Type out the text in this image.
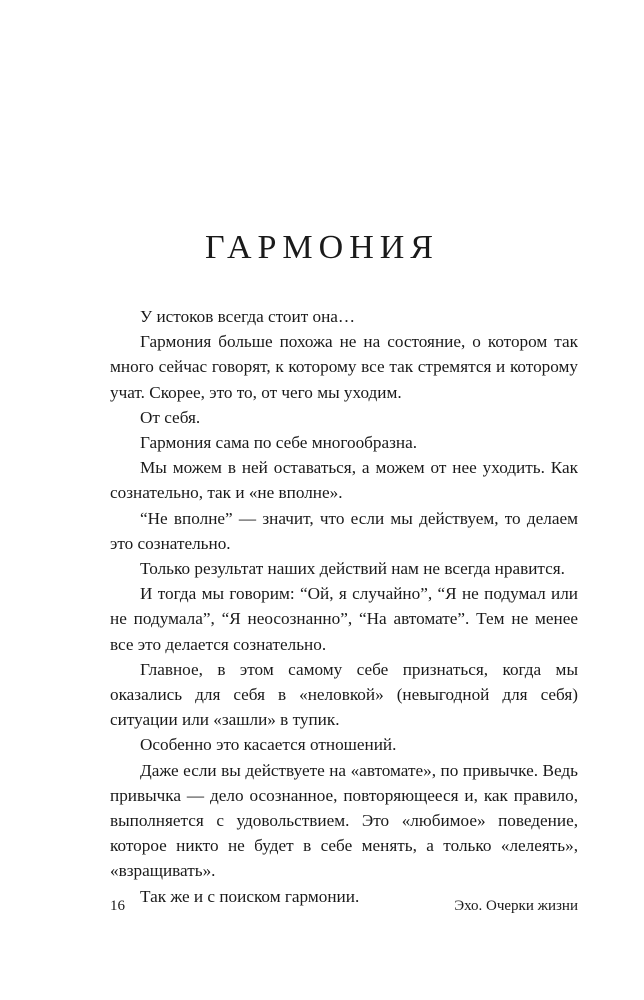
ГАРМОНИЯ

У истоков всегда стоит она…

Гармония больше похожа не на состояние, о котором так много сейчас говорят, к которому все так стремятся и которому учат. Скорее, это то, от чего мы уходим.

От себя.

Гармония сама по себе многообразна.

Мы можем в ней оставаться, а можем от нее уходить. Как сознательно, так и «не вполне».

“Не вполне” — значит, что если мы действуем, то делаем это сознательно.

Только результат наших действий нам не всегда нравится.

И тогда мы говорим: “Ой, я случайно”, “Я не подумал или не подумала”, “Я неосознанно”, “На автомате”. Тем не менее все это делается сознательно.

Главное, в этом самому себе признаться, когда мы оказались для себя в «неловкой» (невыгодной для себя) ситуации или «зашли» в тупик.

Особенно это касается отношений.

Даже если вы действуете на «автомате», по привычке. Ведь привычка — дело осознанное, повторяющееся и, как правило, выполняется с удовольствием. Это «любимое» поведение, которое никто не будет в себе менять, а только «лелеять», «взращивать».

Так же и с поиском гармонии.

16	Эхо. Очерки жизни
